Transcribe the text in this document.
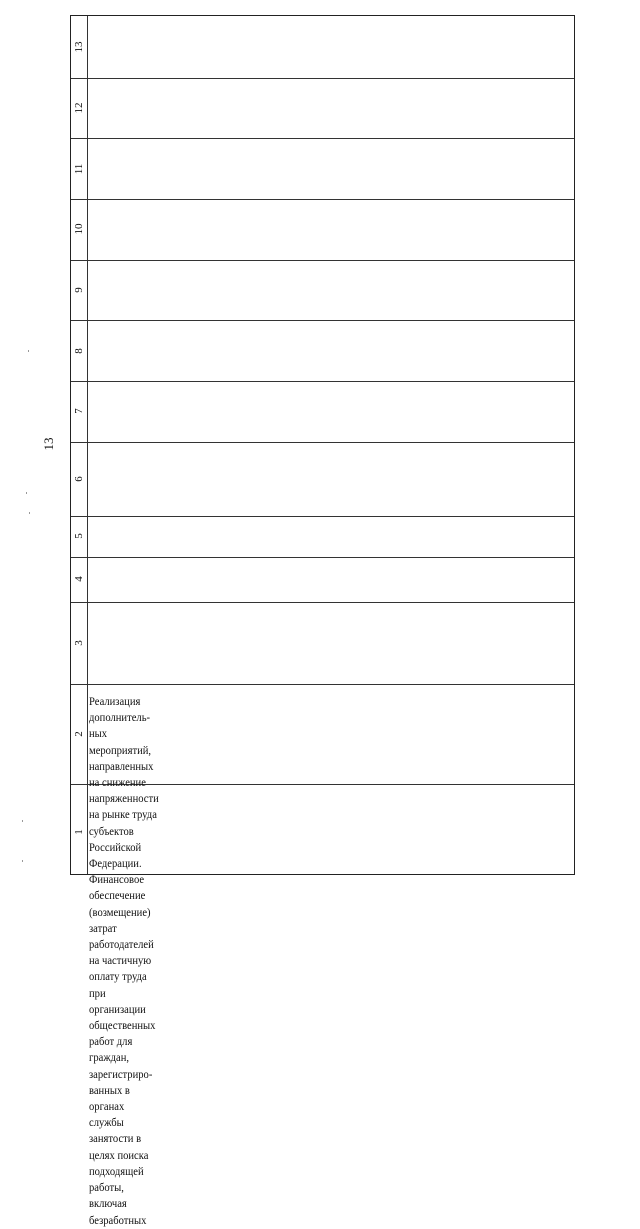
13
13
12
11
10
9
8
7
6
5
4
3
2
1
Реализация
дополнитель-
ных
мероприятий,
направленных
на снижение
напряженности
на рынке труда
субъектов
Российской
Федерации.
Финансовое
обеспечение
(возмещение)
затрат
работодателей
на частичную
оплату труда
при
организации
общественных
работ для
граждан,
зарегистриро-
ванных в
органах
службы
занятости в
целях поиска
подходящей
работы,
включая
безработных
